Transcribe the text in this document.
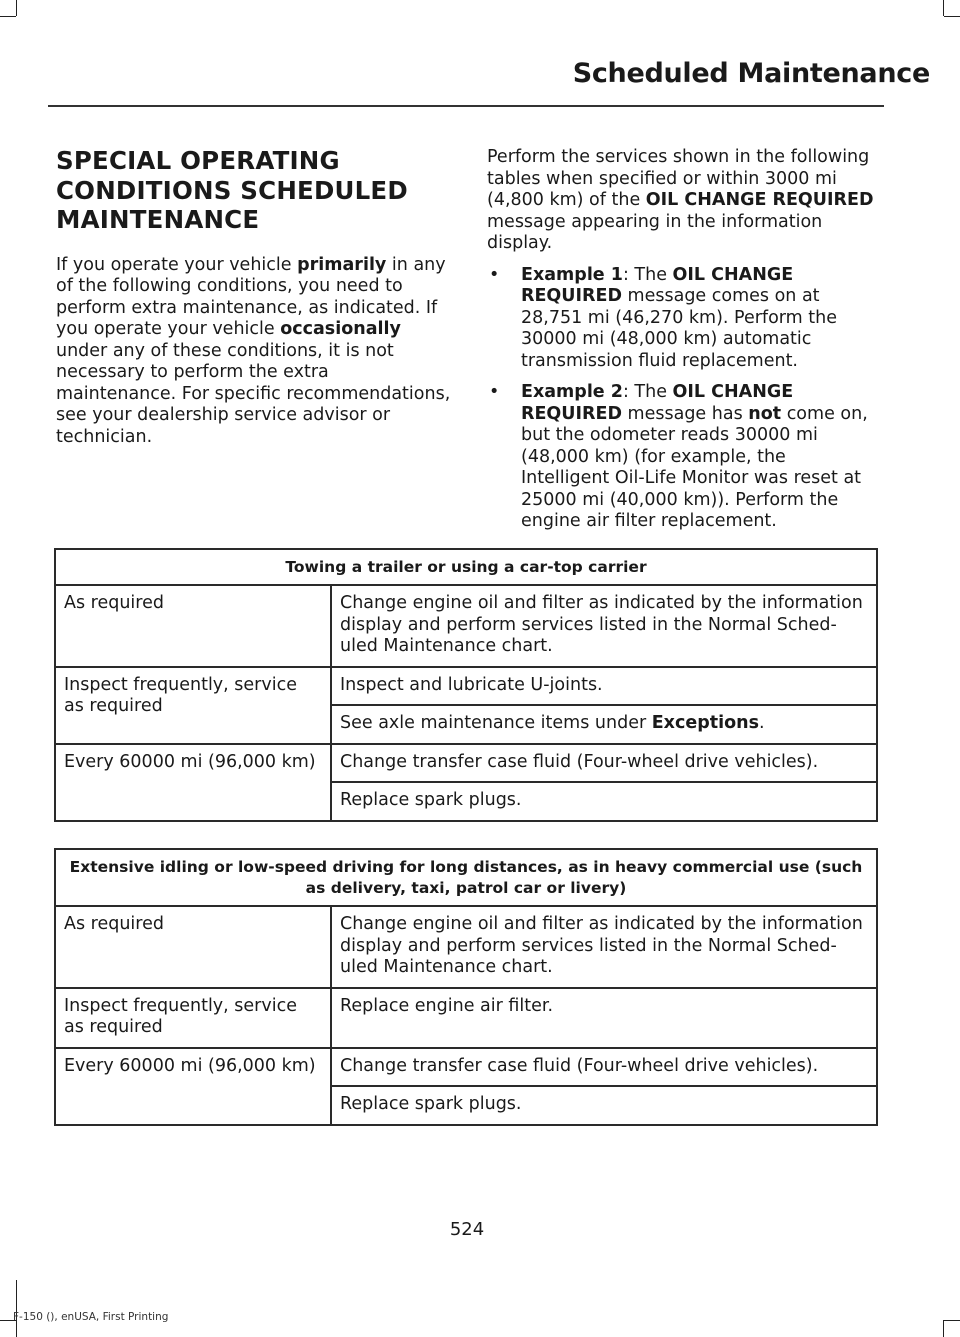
Scheduled Maintenance
SPECIAL OPERATING
CONDITIONS SCHEDULED
MAINTENANCE

If you operate your vehicle primarily in any of the following conditions, you need to perform extra maintenance, as indicated. If you operate your vehicle occasionally under any of these conditions, it is not necessary to perform the extra maintenance. For specific recommendations, see your dealership service advisor or technician.

Perform the services shown in the following tables when specified or within 3000 mi (4,800 km) of the OIL CHANGE REQUIRED message appearing in the information display.

• Example 1: The OIL CHANGE REQUIRED message comes on at 28,751 mi (46,270 km). Perform the 30000 mi (48,000 km) automatic transmission fluid replacement.
• Example 2: The OIL CHANGE REQUIRED message has not come on, but the odometer reads 30000 mi (48,000 km) (for example, the Intelligent Oil-Life Monitor was reset at 25000 mi (40,000 km)). Perform the engine air filter replacement.
Towing a trailer or using a car-top carrier	
As required	Change engine oil and filter as indicated by the information display and perform services listed in the Normal Sched-uled Maintenance chart.
Inspect frequently, service as required	Inspect and lubricate U-joints.
	See axle maintenance items under Exceptions.
Every 60000 mi (96,000 km)	Change transfer case fluid (Four-wheel drive vehicles).
	Replace spark plugs.
Extensive idling or low-speed driving for long distances, as in heavy commercial use (such as delivery, taxi, patrol car or livery)	
As required	Change engine oil and filter as indicated by the information display and perform services listed in the Normal Sched-uled Maintenance chart.
Inspect frequently, service as required	Replace engine air filter.
Every 60000 mi (96,000 km)	Change transfer case fluid (Four-wheel drive vehicles).
	Replace spark plugs.
524
F-150 (), enUSA, First Printing
